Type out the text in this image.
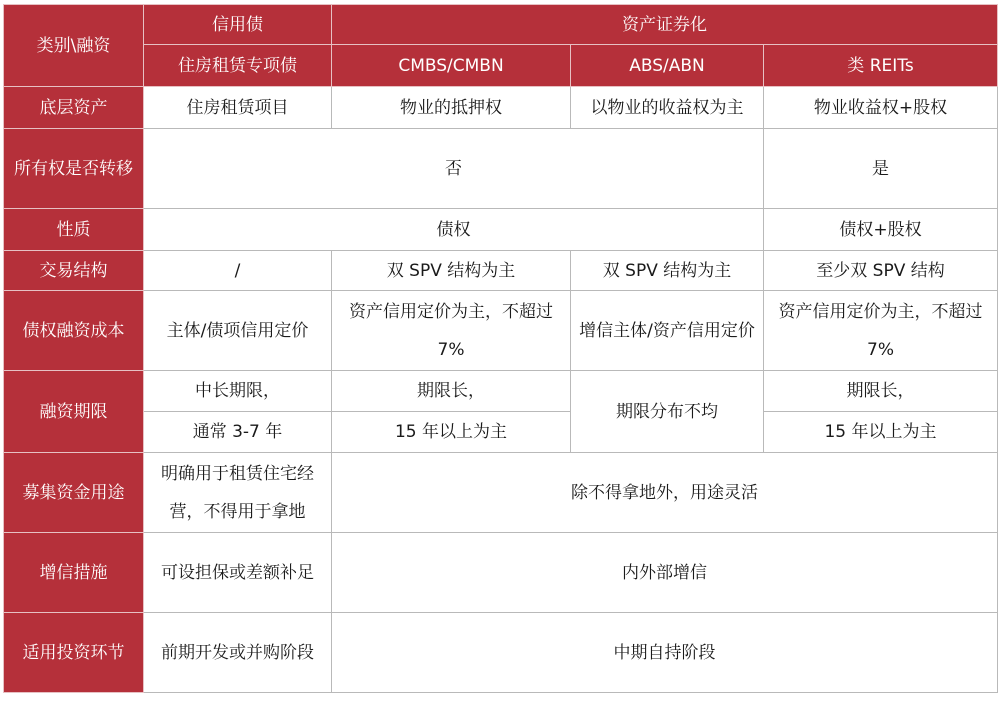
类别\融资	信用债	资产证券化		
	住房租赁专项债	CMBS/CMBN	ABS/ABN	类 REITs
底层资产	住房租赁项目	物业的抵押权	以物业的收益权为主	物业收益权+股权
所有权是否转移	否			是
性质	债权			债权+股权
交易结构	/	双 SPV 结构为主	双 SPV 结构为主	至少双 SPV 结构
债权融资成本	主体/债项信用定价	资产信用定价为主，不超过 7%	增信主体/资产信用定价	资产信用定价为主，不超过 7%
融资期限	中长期限，	期限长，	期限分布不均	期限长，
	通常 3-7 年	15 年以上为主		15 年以上为主
募集资金用途	明确用于租赁住宅经营，不得用于拿地	除不得拿地外，用途灵活		
增信措施	可设担保或差额补足	内外部增信		
适用投资环节	前期开发或并购阶段	中期自持阶段		
